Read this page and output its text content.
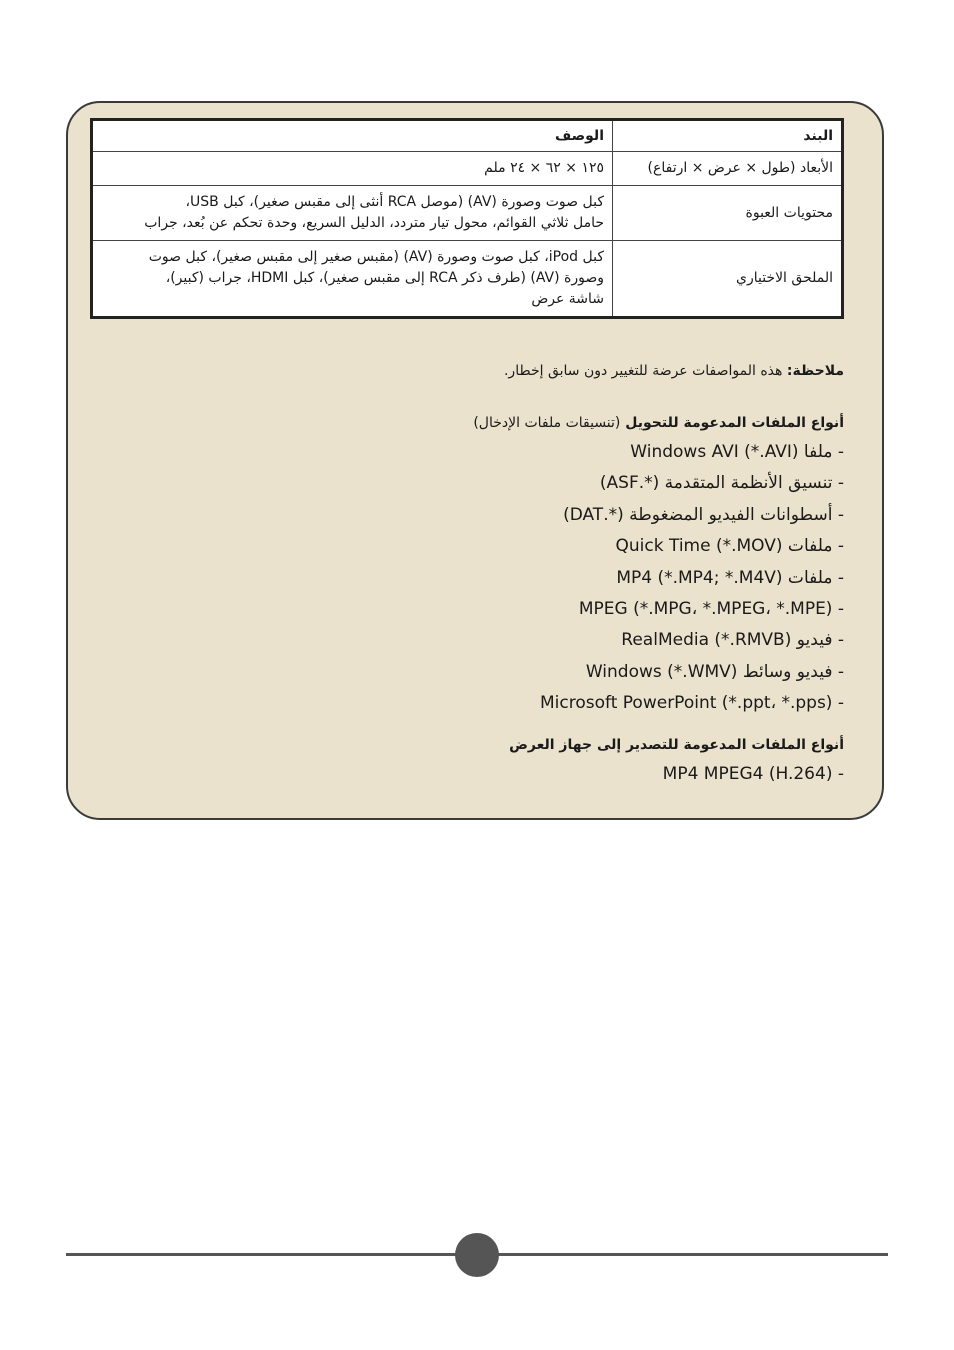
البند	الوصف
الأبعاد (طول × عرض × ارتفاع)	١٢٥ × ٦٢ × ٢٤ ملم

محتويات العبوة	كبل صوت وصورة (AV) (موصل RCA أنثى إلى مقبس صغير)، كبل USB،
حامل ثلاثي القوائم، محول تيار متردد، الدليل السريع، وحدة تحكم عن بُعد، جراب

الملحق الاختياري	كبل iPod، كبل صوت وصورة (AV) (مقبس صغير إلى مقبس صغير)، كبل صوت
وصورة (AV) (طرف ذكر RCA إلى مقبس صغير)، كبل HDMI، جراب (كبير)،
شاشة عرض
ملاحظة: هذه المواصفات عرضة للتغيير دون سابق إخطار.
أنواع الملفات المدعومة للتحويل (تنسيقات ملفات الإدخال)
- ملفا Windows AVI (*.AVI)
- تنسيق الأنظمة المتقدمة (*.ASF)
- أسطوانات الفيديو المضغوطة (*.DAT)
- ملفات Quick Time (*.MOV)
- ملفات MP4 (*.MP4; *.M4V)
- MPEG (*.MPG، *.MPEG، *.MPE)
- فيديو RealMedia (*.RMVB)
- فيديو وسائط Windows (*.WMV)
- Microsoft PowerPoint (*.ppt، *.pps)
أنواع الملفات المدعومة للتصدير إلى جهاز العرض
- MP4 MPEG4 (H.264)
